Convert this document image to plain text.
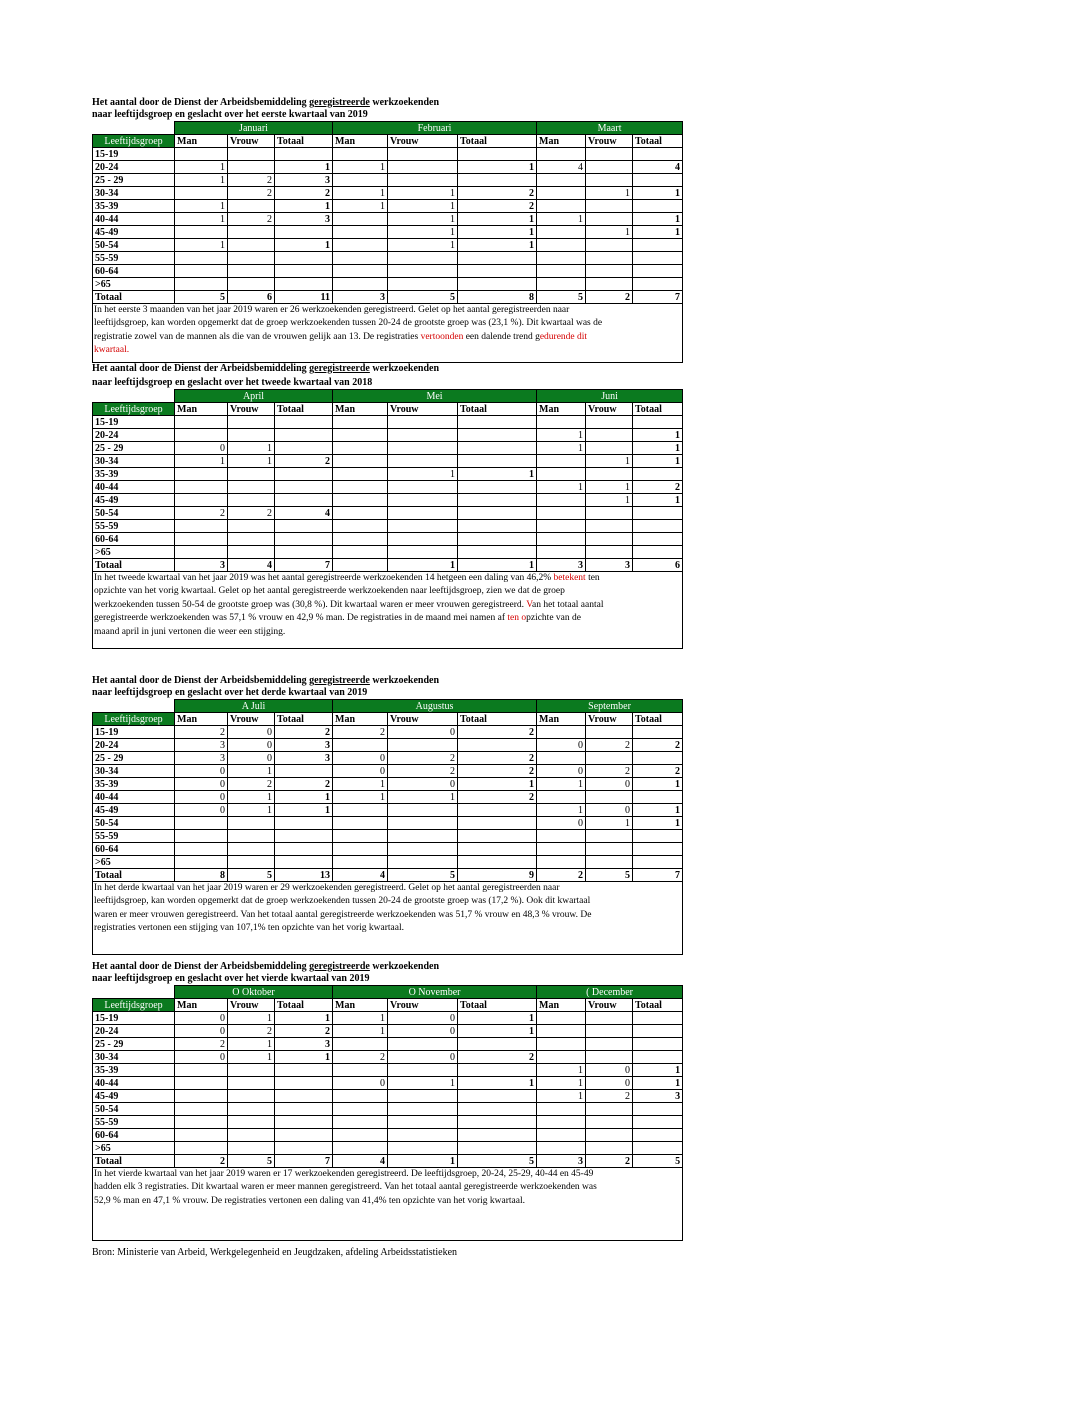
Het aantal door de Dienst der Arbeidsbemiddeling geregistreerde werkzoekenden
naar leeftijdsgroep en geslacht over het eerste kwartaal van 2019
	Januari			Februari			Maart		
Leeftijdsgroep	Man	Vrouw	Totaal	Man	Vrouw	Totaal	Man	Vrouw	Totaal
15-19									
20-24	1		1	1		1	4		4
25 - 29	1	2	3						
30-34		2	2	1	1	2		1	1
35-39	1		1	1	1	2			
40-44	1	2	3		1	1	1		1
45-49					1	1		1	1
50-54	1		1		1	1			
55-59									
60-64									
>65									
Totaal	5	6	11	3	5	8	5	2	7
In het eerste 3 maanden van het jaar 2019 waren er 26 werkzoekenden geregistreerd. Gelet op het aantal geregistreerden naar
leeftijdsgroep, kan worden opgemerkt dat de groep werkzoekenden tussen 20-24 de grootste groep was (23,1 %). Dit kwartaal was de
registratie zowel van de mannen als die van de vrouwen gelijk aan 13. De registraties vertoonden een dalende trend gedurende dit
kwartaal.
Het aantal door de Dienst der Arbeidsbemiddeling geregistreerde werkzoekenden
naar leeftijdsgroep en geslacht over het tweede kwartaal van 2018
	April			Mei			Juni		
Leeftijdsgroep	Man	Vrouw	Totaal	Man	Vrouw	Totaal	Man	Vrouw	Totaal
15-19									
20-24							1		1
25 - 29	0	1					1		1
30-34	1	1	2					1	1
35-39					1	1			
40-44							1	1	2
45-49								1	1
50-54	2	2	4						
55-59									
60-64									
>65									
Totaal	3	4	7		1	1	3	3	6
In het tweede kwartaal van het jaar 2019 was het aantal geregistreerde werkzoekenden 14 hetgeen een daling van 46,2% betekent ten
opzichte van het vorig kwartaal. Gelet op het aantal geregistreerde werkzoekenden naar leeftijdsgroep, zien we dat de groep
werkzoekenden tussen 50-54 de grootste groep was (30,8 %). Dit kwartaal waren er meer vrouwen geregistreerd. Van het totaal aantal
geregistreerde werkzoekenden was 57,1 % vrouw en 42,9 % man. De registraties in de maand mei namen af ten opzichte van de
maand april in juni vertonen die weer een stijging.
Het aantal door de Dienst der Arbeidsbemiddeling geregistreerde werkzoekenden
naar leeftijdsgroep en geslacht over het derde kwartaal van 2019
	A Juli			Augustus			September		
Leeftijdsgroep	Man	Vrouw	Totaal	Man	Vrouw	Totaal	Man	Vrouw	Totaal
15-19	2	0	2	2	0	2			
20-24	3	0	3				0	2	2
25 - 29	3	0	3	0	2	2			
30-34	0	1		0	2	2	0	2	2
35-39	0	2	2	1	0	1	1	0	1
40-44	0	1	1	1	1	2			
45-49	0	1	1				1	0	1
50-54							0	1	1
55-59									
60-64									
>65									
Totaal	8	5	13	4	5	9	2	5	7
In het derde kwartaal van het jaar 2019 waren er 29 werkzoekenden geregistreerd. Gelet op het aantal geregistreerden naar
leeftijdsgroep, kan worden opgemerkt dat de groep werkzoekenden tussen 20-24 de grootste groep was (17,2 %). Ook dit kwartaal
waren er meer vrouwen geregistreerd. Van het totaal aantal geregistreerde werkzoekenden was 51,7 % vrouw en 48,3 % vrouw. De
registraties vertonen een stijging van 107,1% ten opzichte van het vorig kwartaal.
Het aantal door de Dienst der Arbeidsbemiddeling geregistreerde werkzoekenden
naar leeftijdsgroep en geslacht over het vierde kwartaal van 2019
	O Oktober			O November			( December		
Leeftijdsgroep	Man	Vrouw	Totaal	Man	Vrouw	Totaal	Man	Vrouw	Totaal
15-19	0	1	1	1	0	1			
20-24	0	2	2	1	0	1			
25 - 29	2	1	3						
30-34	0	1	1	2	0	2			
35-39							1	0	1
40-44				0	1	1	1	0	1
45-49							1	2	3
50-54									
55-59									
60-64									
>65									
Totaal	2	5	7	4	1	5	3	2	5
In het vierde kwartaal van het jaar 2019 waren er 17 werkzoekenden geregistreerd. De leeftijdsgroep, 20-24, 25-29, 40-44 en 45-49
hadden elk 3 registraties. Dit kwartaal waren er meer mannen geregistreerd. Van het totaal aantal geregistreerde werkzoekenden was
52,9 % man en 47,1 % vrouw. De registraties vertonen een daling van 41,4% ten opzichte van het vorig kwartaal.
Bron: Ministerie van Arbeid, Werkgelegenheid en Jeugdzaken, afdeling Arbeidsstatistieken
